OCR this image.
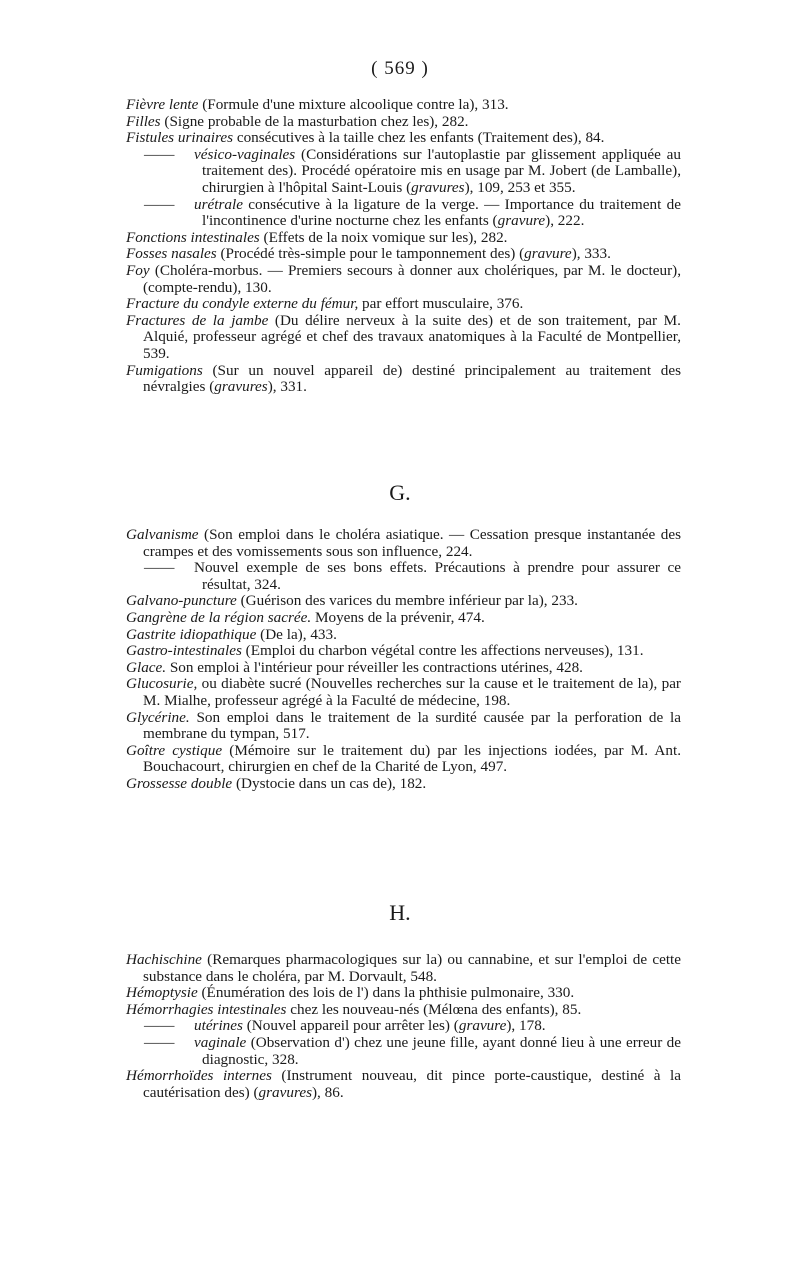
( 569 )

Fièvre lente (Formule d'une mixture alcoolique contre la), 313.

Filles (Signe probable de la masturbation chez les), 282.

Fistules urinaires consécutives à la taille chez les enfants (Traitement des), 84.

—— vésico-vaginales (Considérations sur l'autoplastie par glissement appliquée au traitement des). Procédé opératoire mis en usage par M. Jobert (de Lamballe), chirurgien à l'hôpital Saint-Louis (gravures), 109, 253 et 355.

—— urétrale consécutive à la ligature de la verge. — Importance du traitement de l'incontinence d'urine nocturne chez les enfants (gravure), 222.

Fonctions intestinales (Effets de la noix vomique sur les), 282.

Fosses nasales (Procédé très-simple pour le tamponnement des) (gravure), 333.

Foy (Choléra-morbus. — Premiers secours à donner aux cholériques, par M. le docteur), (compte-rendu), 130.

Fracture du condyle externe du fémur, par effort musculaire, 376.

Fractures de la jambe (Du délire nerveux à la suite des) et de son traitement, par M. Alquié, professeur agrégé et chef des travaux anatomiques à la Faculté de Montpellier, 539.

Fumigations (Sur un nouvel appareil de) destiné principalement au traitement des névralgies (gravures), 331.

G.

Galvanisme (Son emploi dans le choléra asiatique. — Cessation presque instantanée des crampes et des vomissements sous son influence, 224.

—— Nouvel exemple de ses bons effets. Précautions à prendre pour assurer ce résultat, 324.

Galvano-puncture (Guérison des varices du membre inférieur par la), 233.

Gangrène de la région sacrée. Moyens de la prévenir, 474.

Gastrite idiopathique (De la), 433.

Gastro-intestinales (Emploi du charbon végétal contre les affections nerveuses), 131.

Glace. Son emploi à l'intérieur pour réveiller les contractions utérines, 428.

Glucosurie, ou diabète sucré (Nouvelles recherches sur la cause et le traitement de la), par M. Mialhe, professeur agrégé à la Faculté de médecine, 198.

Glycérine. Son emploi dans le traitement de la surdité causée par la perforation de la membrane du tympan, 517.

Goître cystique (Mémoire sur le traitement du) par les injections iodées, par M. Ant. Bouchacourt, chirurgien en chef de la Charité de Lyon, 497.

Grossesse double (Dystocie dans un cas de), 182.

H.

Hachischine (Remarques pharmacologiques sur la) ou cannabine, et sur l'emploi de cette substance dans le choléra, par M. Dorvault, 548.

Hémoptysie (Énumération des lois de l') dans la phthisie pulmonaire, 330.

Hémorrhagies intestinales chez les nouveau-nés (Mélœna des enfants), 85.

—— utérines (Nouvel appareil pour arrêter les) (gravure), 178.

—— vaginale (Observation d') chez une jeune fille, ayant donné lieu à une erreur de diagnostic, 328.

Hémorrhoïdes internes (Instrument nouveau, dit pince porte-caustique, destiné à la cautérisation des) (gravures), 86.
